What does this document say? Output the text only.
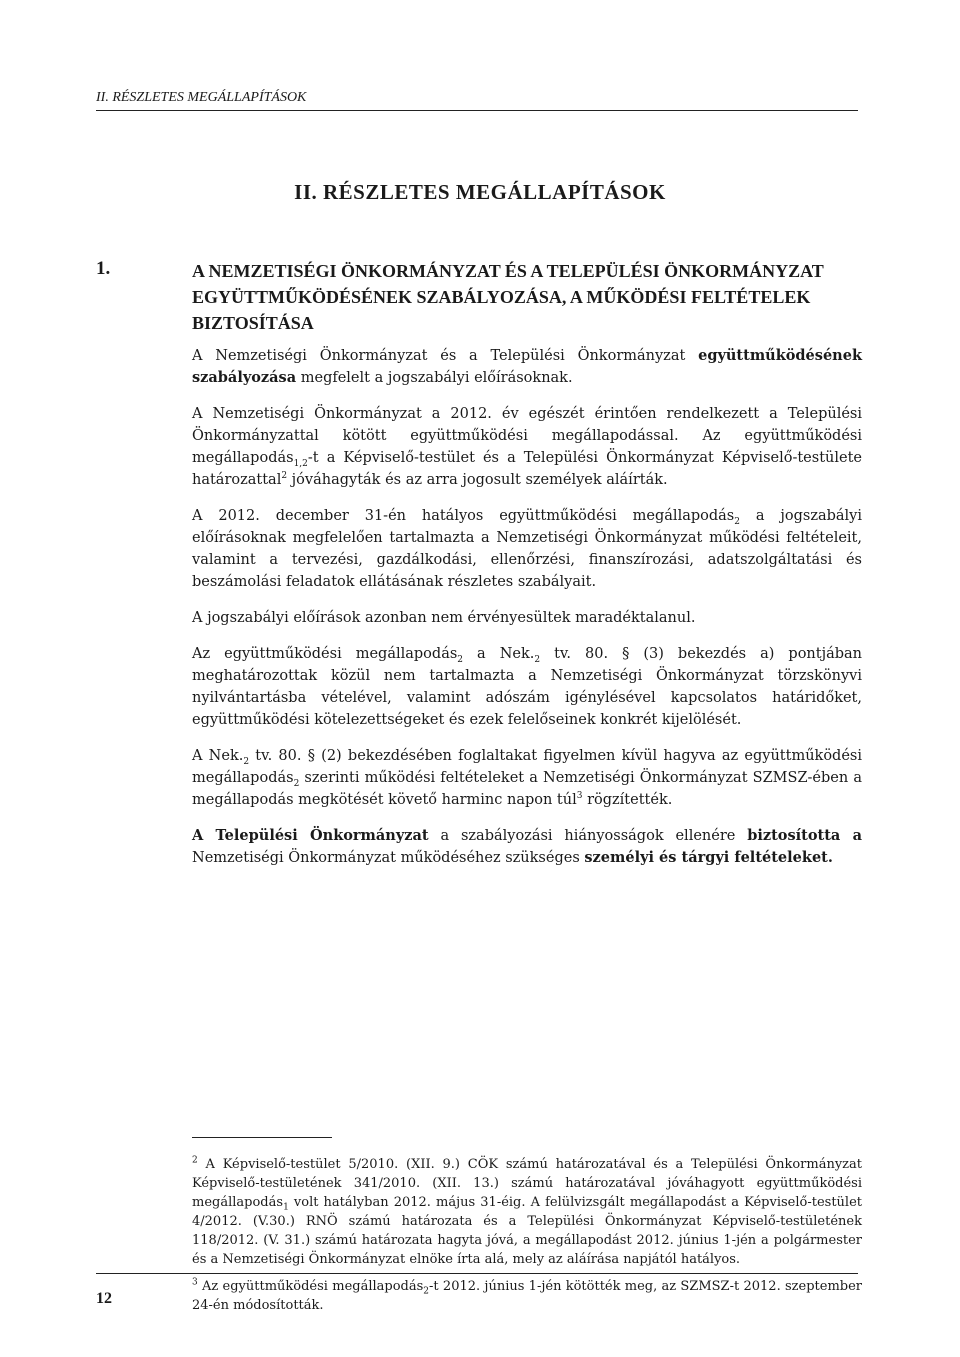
II. RÉSZLETES MEGÁLLAPÍTÁSOK
II. RÉSZLETES MEGÁLLAPÍTÁSOK
1.	A NEMZETISÉGI ÖNKORMÁNYZAT ÉS A TELEPÜLÉSI ÖNKORMÁNYZAT EGYÜTTMŰKÖDÉSÉNEK SZABÁLYOZÁSA, A MŰKÖDÉSI FELTÉTELEK BIZTOSÍTÁSA

A Nemzetiségi Önkormányzat és a Települési Önkormányzat együttműködésének szabályozása megfelelt a jogszabályi előírásoknak.

A Nemzetiségi Önkormányzat a 2012. év egészét érintően rendelkezett a Települési Önkormányzattal kötött együttműködési megállapodással. Az együttműködési megállapodás$_{1,2}$-t a Képviselő-testület és a Települési Önkormányzat Képviselő-testülete határozattal$^2$ jóváhagyták és az arra jogosult személyek aláírták.

A 2012. december 31-én hatályos együttműködési megállapodás$_2$ a jogszabályi előírásoknak megfelelően tartalmazta a Nemzetiségi Önkormányzat működési feltételeit, valamint a tervezési, gazdálkodási, ellenőrzési, finanszírozási, adatszolgáltatási és beszámolási feladatok ellátásának részletes szabályait.

A jogszabályi előírások azonban nem érvényesültek maradéktalanul.

Az együttműködési megállapodás$_2$ a $Nek._2$ tv. 80. § (3) bekezdés a) pontjában meghatározottak közül nem tartalmazta a Nemzetiségi Önkormányzat törzskönyvi nyilvántartásba vételével, valamint adószám igénylésével kapcsolatos határidőket, együttműködési kötelezettségeket és ezek felelőseinek konkrét kijelölését.

A $Nek._2$ tv. 80. § (2) bekezdésében foglaltakat figyelmen kívül hagyva az együttműködési megállapodás$_2$ szerinti működési feltételeket a Nemzetiségi Önkormányzat SZMSZ-ében a megállapodás megkötését követő harminc napon túl$^3$ rögzítették.

A Települési Önkormányzat a szabályozási hiányosságok ellenére biztosította a Nemzetiségi Önkormányzat működéséhez szükséges személyi és tárgyi feltételeket.

$^2$ A Képviselő-testület 5/2010. (XII. 9.) CÖK számú határozatával és a Települési Önkormányzat Képviselő-testületének 341/2010. (XII. 13.) számú határozatával jóváhagyott együttműködési megállapodás$_1$ volt hatályban 2012. május 31-éig. A felülvizsgált megállapodást a Képviselő-testület 4/2012. (V.30.) RNÖ számú határozata és a Települési Önkormányzat Képviselő-testületének 118/2012. (V. 31.) számú határozata hagyta jóvá, a megállapodást 2012. június 1-jén a polgármester és a Nemzetiségi Önkormányzat elnöke írta alá, mely az aláírása napjától hatályos.

$^3$ Az együttműködési megállapodás$_2$-t 2012. június 1-jén kötötték meg, az SZMSZ-t 2012. szeptember 24-én módosították.

12
